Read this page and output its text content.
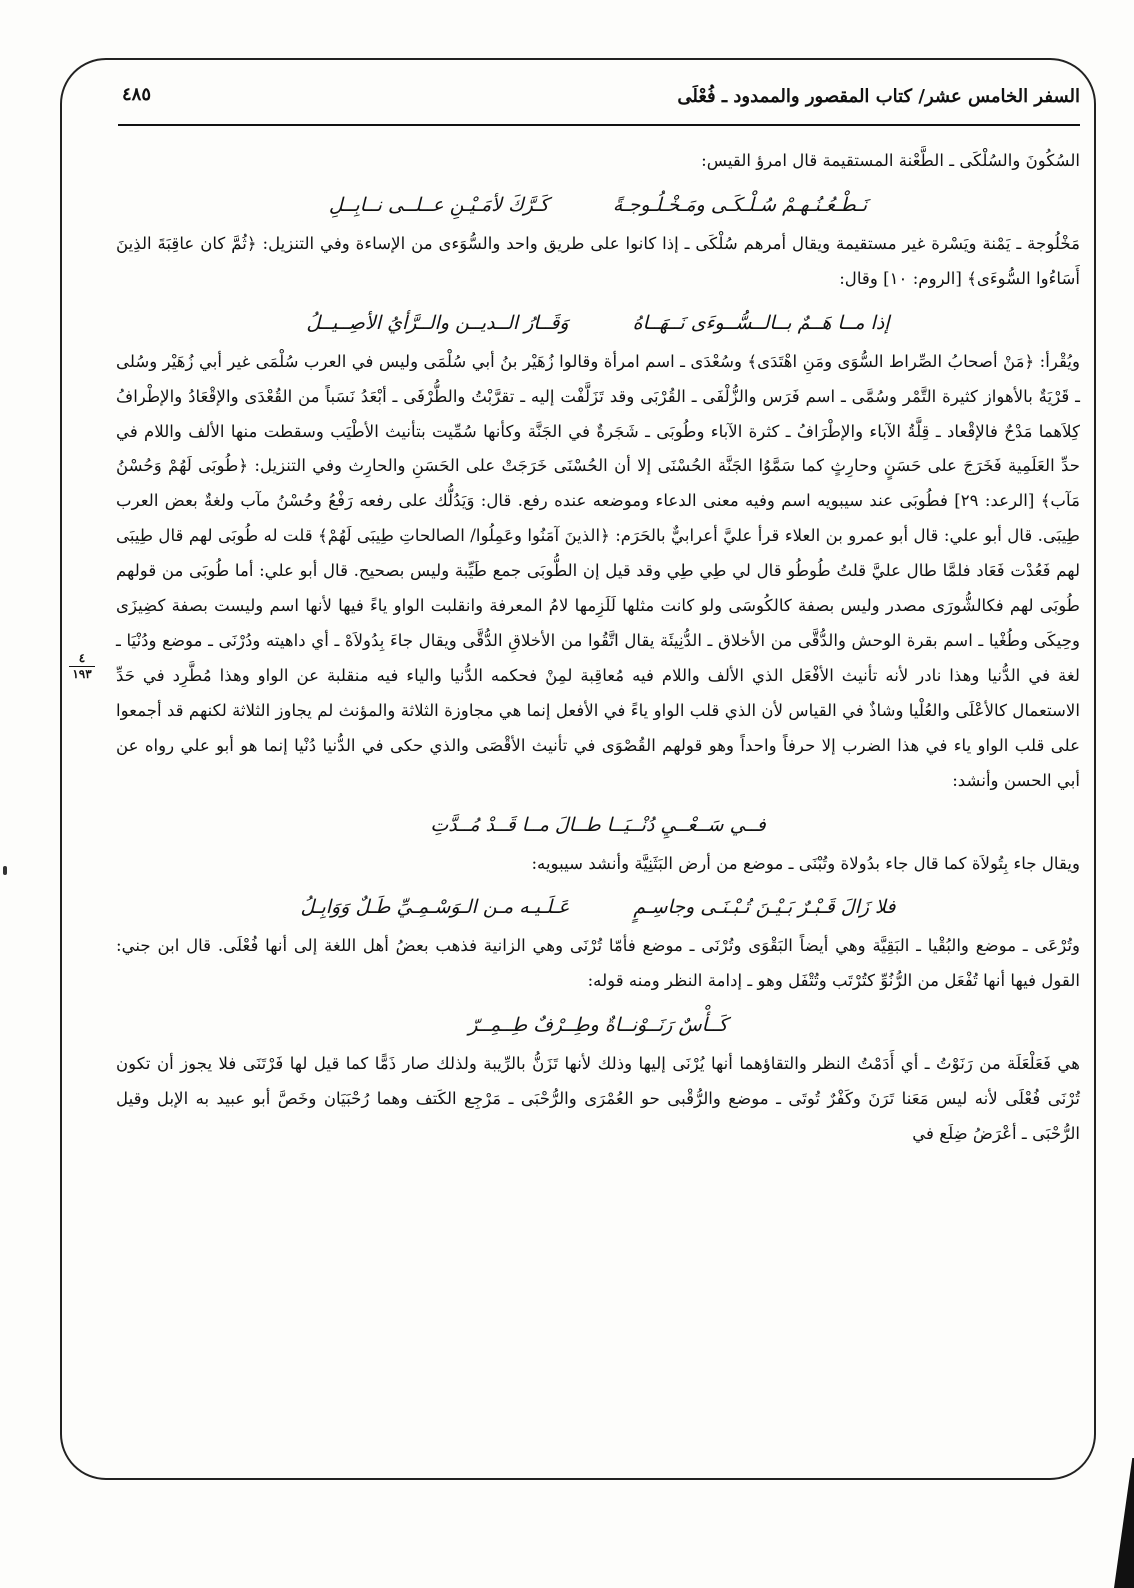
٤٨٥	السفر الخامس عشر/ كتاب المقصور والممدود ـ فُعْلَى
٤
١٩٣

السُكُونَ والسُلْكَى ـ الطَّعْنة المستقيمة قال امرؤ القيس:

نَـطْـعُـنُـهـمْ سُـلْـكَـى ومَـخْـلُـوجـةً
كَـرَّكَ لأمَـيْـنِ عــلــى نــابِــلِ

مَخْلُوجة ـ يَمْنة ويَسْرة غير مستقيمة ويقال أمرهم سُلْكَى ـ إذا كانوا على طريق واحد والسُّوَءى من الإساءة وفي التنزيل: ﴿ثُمَّ كان عاقِبَةَ الذِينَ أَسَاءُوا السُّوءَى﴾ [الروم: ١٠] وقال:

إذا مــا هَــمٌ بــالــسُّــوءَى نَــهَــاهُ
وَقَــارُ الــديــن والــرَّأيُ الأصِــيــلُ

ويُقْرأ: ﴿مَنْ أصحابُ الصِّراط السُّوَى ومَنِ اهْتَدَى﴾ وسُعْدَى ـ اسم امرأة وقالوا زُهَيْر بنُ أبي سُلْمَى وليس في العرب سُلْمَى غير أبي زُهَيْر وسُلى ـ قَرْيَةٌ بالأهواز كثيرة التَّمْر وسُمَّى ـ اسم فَرَس والزُّلْفَى ـ القُرْبَى وقد تَزَلَّفْت إليه ـ تقرَّبْتُ والطُّرْفَى ـ أبْعَدُ نَسَباً من القُعْدَى والإقْعَادُ والإطْرافُ كِلاَهما مَدْحٌ فالإقْعاد ـ قِلَّةُ الآباء والإطْرَافُ ـ كثرة الآباء وطُوبَى ـ شَجَرةٌ في الجَنَّة وكأنها سُمِّيت بتأنيث الأطْيَب وسقطت منها الألف واللام في حدِّ العَلَمِية فَخَرَجَ على حَسَنٍ وحارِثٍ كما سَمَّوُا الجَنَّة الحُسْنَى إلا أن الحُسْنَى خَرَجَتْ على الحَسَنِ والحارِث وفي التنزيل: ﴿طُوبَى لَهُمْ وَحُسْنُ مَآب﴾ [الرعد: ٢٩] فطُوبَى عند سيبويه اسم وفيه معنى الدعاء وموضعه عنده رفع. قال: وَيَدُلُّك على رفعه رَفْعُ وحُسْنُ مآب ولغةٌ بعض العرب طِيبَى. قال أبو علي: قال أبو عمرو بن العلاء قرأ عليَّ أعرابيٌّ بالحَرَم: ﴿الذينَ آمَنُوا وعَمِلُوا/ الصالحاتِ طِيبَى لَهُمْ﴾ قلت له طُوبَى لهم قال طِيبَى لهم فَعُدْت فَعَاد فلمَّا طال عليَّ قلتُ طُوطُو قال لي طِي طِي وقد قيل إن الطُّوبَى جمع طَيِّبة وليس بصحيح. قال أبو علي: أما طُوبَى من قولهم طُوبَى لهم فكالشُّورَى مصدر وليس بصفة كالكُوسَى ولو كانت مثلها لَلَزِمها لامُ المعرفة وانقلبت الواو ياءً فيها لأنها اسم وليست بصفة كضِيزَى وحِيكَى وطُغْيا ـ اسم بقرة الوحش والدُّقَّى من الأخلاق ـ الدُّنِيئَة يقال اتَّقُوا من الأخلاقِ الدُّقَّى ويقال جاءَ بِدُولاَهْ ـ أي داهيته ودُرْنَى ـ موضع ودُنْيَا ـ لغة في الدُّنيا وهذا نادر لأنه تأنيث الأفْعَل الذي الألف واللام فيه مُعاقِبة لمِنْ فحكمه الدُّنيا والياء فيه منقلبة عن الواو وهذا مُطَّرِد في حَدِّ الاستعمال كالأعْلَى والعُلْيا وشاذٌ في القياس لأن الذي قلب الواو ياءً في الأفعل إنما هي مجاوزة الثلاثة والمؤنث لم يجاوز الثلاثة لكنهم قد أجمعوا على قلب الواو ياء في هذا الضرب إلا حرفاً واحداً وهو قولهم القُصْوَى في تأنيث الأقْصَى والذي حكى في الدُّنيا دُنْيا إنما هو أبو علي رواه عن أبي الحسن وأنشد:

فــي سَــعْــيِ دُنْــيَــا طــالَ مــا قَــدْ مُــدَّتِ

ويقال جاء بِتُولاَة كما قال جاء بدُولاة وتُبْنَى ـ موضع من أرض البَثَنِيَّة وأنشد سيبويه:

فلا زَالَ قَـبْـرٌ بَـيْـنَ تُـبْـنَـى وجاسِـمٍ
عَـلَـيـه مـن الـوَسْـمِـيِّ طَـلٌ وَوَابِـلُ

وتُرْعَى ـ موضع والبُقْيا ـ البَقِيَّة وهي أيضاً البَقْوَى وتُرْنَى ـ موضع فأمّا تُرْنَى وهي الزانية فذهب بعضُ أهل اللغة إلى أنها فُعْلَى. قال ابن جني: القول فيها أنها تُفْعَل من الرُّنُوِّ كتُرْتَب وتُتْفَل وهو ـ إدامة النظر ومنه قوله:

كَــأْسٌ رَنَــوْنــاةٌ وطِــرْفٌ طِــمِــرّ

هي فَعَلْعَلَة من رَنَوْتُ ـ أي أَدَمْتُ النظر والتقاؤهما أنها يُرْنَى إليها وذلك لأنها تَزَنُّ بالرِّيبة ولذلك صار ذَمًّا كما قيل لها فَرْتَنَى فلا يجوز أن تكون تُرْنَى فُعْلَى لأنه ليس مَعَنا تَرَنَ وكَفْرٌ تُوتَى ـ موضع والرُّقْبى حو العُمْرَى والرُّحْبَى ـ مَرْجِع الكَتف وهما رُحْبَيَان وخَصَّ أبو عبيد به الإبل وقيل الرُّحْبَى ـ أعْرَضُ ضِلَع في
